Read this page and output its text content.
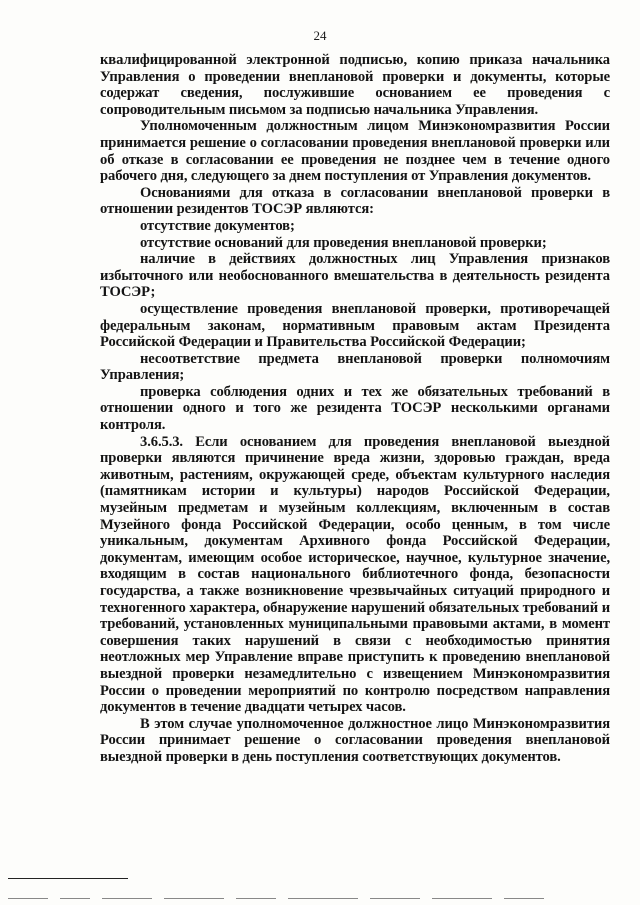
24

квалифицированной электронной подписью, копию приказа начальника Управления о проведении внеплановой проверки и документы, которые содержат сведения, послужившие основанием ее проведения с сопроводительным письмом за подписью начальника Управления.

Уполномоченным должностным лицом Минэкономразвития России принимается решение о согласовании проведения внеплановой проверки или об отказе в согласовании ее проведения не позднее чем в течение одного рабочего дня, следующего за днем поступления от Управления документов.

Основаниями для отказа в согласовании внеплановой проверки в отношении резидентов ТОСЭР являются:

отсутствие документов;

отсутствие оснований для проведения внеплановой проверки;

наличие в действиях должностных лиц Управления признаков избыточного или необоснованного вмешательства в деятельность резидента ТОСЭР;

осуществление проведения внеплановой проверки, противоречащей федеральным законам, нормативным правовым актам Президента Российской Федерации и Правительства Российской Федерации;

несоответствие предмета внеплановой проверки полномочиям Управления;

проверка соблюдения одних и тех же обязательных требований в отношении одного и того же резидента ТОСЭР несколькими органами контроля.

3.6.5.3. Если основанием для проведения внеплановой выездной проверки являются причинение вреда жизни, здоровью граждан, вреда животным, растениям, окружающей среде, объектам культурного наследия (памятникам истории и культуры) народов Российской Федерации, музейным предметам и музейным коллекциям, включенным в состав Музейного фонда Российской Федерации, особо ценным, в том числе уникальным, документам Архивного фонда Российской Федерации, документам, имеющим особое историческое, научное, культурное значение, входящим в состав национального библиотечного фонда, безопасности государства, а также возникновение чрезвычайных ситуаций природного и техногенного характера, обнаружение нарушений обязательных требований и требований, установленных муниципальными правовыми актами, в момент совершения таких нарушений в связи с необходимостью принятия неотложных мер Управление вправе приступить к проведению внеплановой выездной проверки незамедлительно с извещением Минэкономразвития России о проведении мероприятий по контролю посредством направления документов в течение двадцати четырех часов.

В этом случае уполномоченное должностное лицо Минэкономразвития России принимает решение о согласовании проведения внеплановой выездной проверки в день поступления соответствующих документов.
